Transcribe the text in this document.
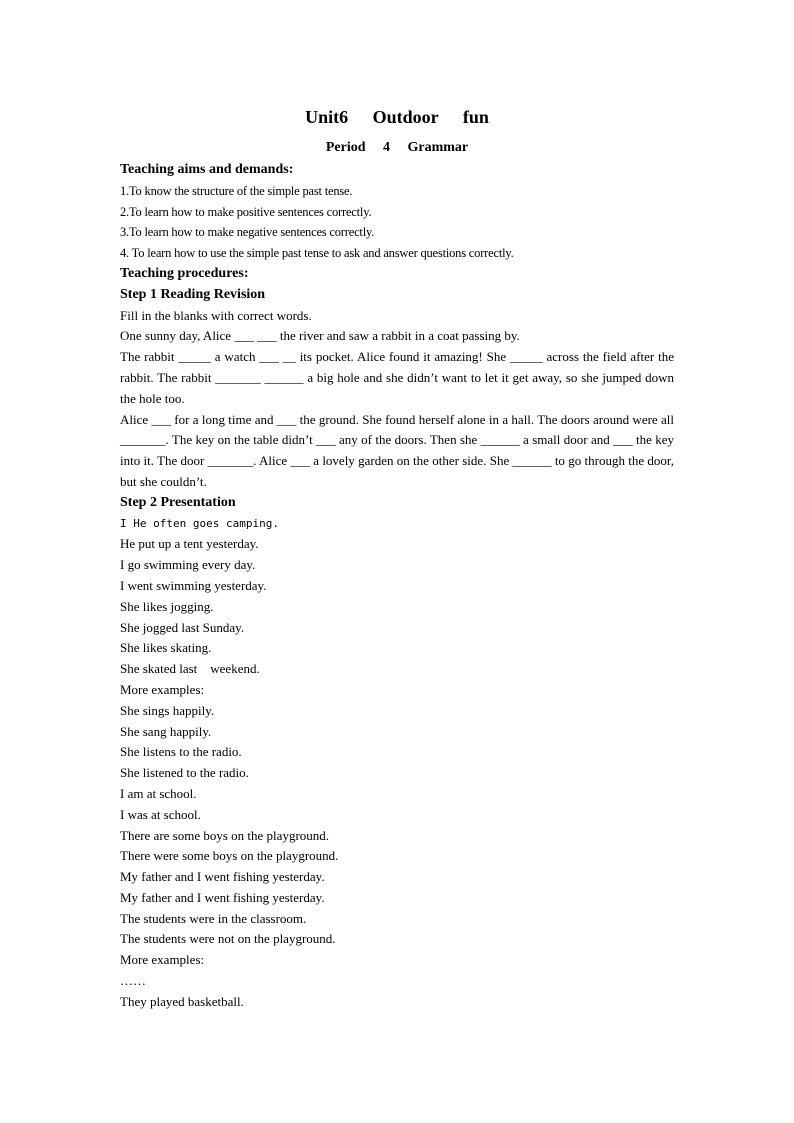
Unit6 Outdoor fun
Period 4 Grammar
Teaching aims and demands:
1.To know the structure of the simple past tense.
2.To learn how to make positive sentences correctly.
3.To learn how to make negative sentences correctly.
4. To learn how to use the simple past tense to ask and answer questions correctly.
Teaching procedures:
Step 1 Reading Revision
Fill in the blanks with correct words.
One sunny day, Alice ___ ___ the river and saw a rabbit in a coat passing by.
The rabbit _____ a watch ___ __ its pocket. Alice found it amazing! She _____ across the field after the rabbit. The rabbit _______ ______ a big hole and she didn’t want to let it get away, so she jumped down the hole too.
Alice ___ for a long time and ___ the ground. She found herself alone in a hall. The doors around were all _______. The key on the table didn’t ___ any of the doors. Then she ______ a small door and ___ the key into it. The door _______. Alice ___ a lovely garden on the other side. She ______ to go through the door, but she couldn’t.
Step 2 Presentation
I He often goes camping.
He put up a tent yesterday.
I go swimming every day.
I went swimming yesterday.
She likes jogging.
She jogged last Sunday.
She likes skating.
She skated last    weekend.
More examples:
She sings happily.
She sang happily.
She listens to the radio.
She listened to the radio.
I am at school.
I was at school.
There are some boys on the playground.
There were some boys on the playground.
My father and I went fishing yesterday.
My father and I went fishing yesterday.
The students were in the classroom.
The students were not on the playground.
More examples:
……
They played basketball.
